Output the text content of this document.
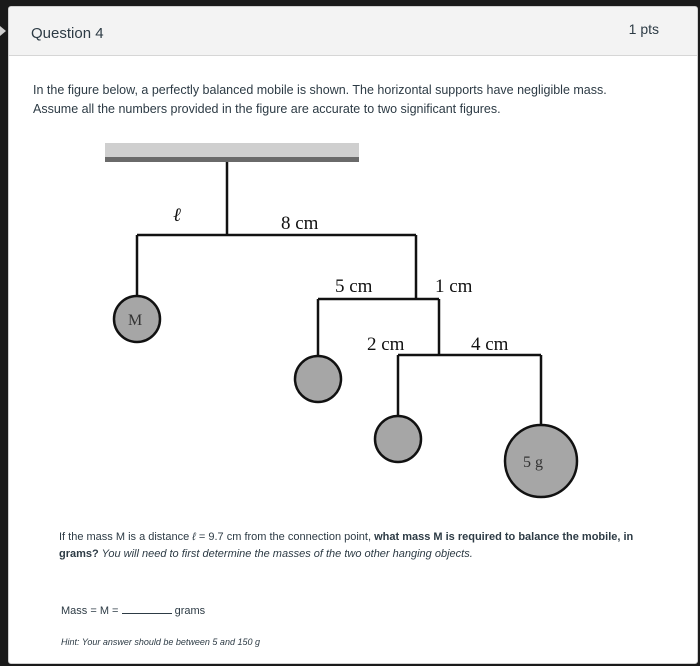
Question 4	1 pts
In the figure below, a perfectly balanced mobile is shown. The horizontal supports have negligible mass. Assume all the numbers provided in the figure are accurate to two significant figures.
ℓ	8 cm
5 cm	1 cm
2 cm	4 cm
M
5 g
If the mass M is a distance ℓ = 9.7 cm from the connection point, what mass M is required to balance the mobile, in grams? You will need to first determine the masses of the two other hanging objects.
Mass = M =	grams
Hint: Your answer should be between 5 and 150 g
